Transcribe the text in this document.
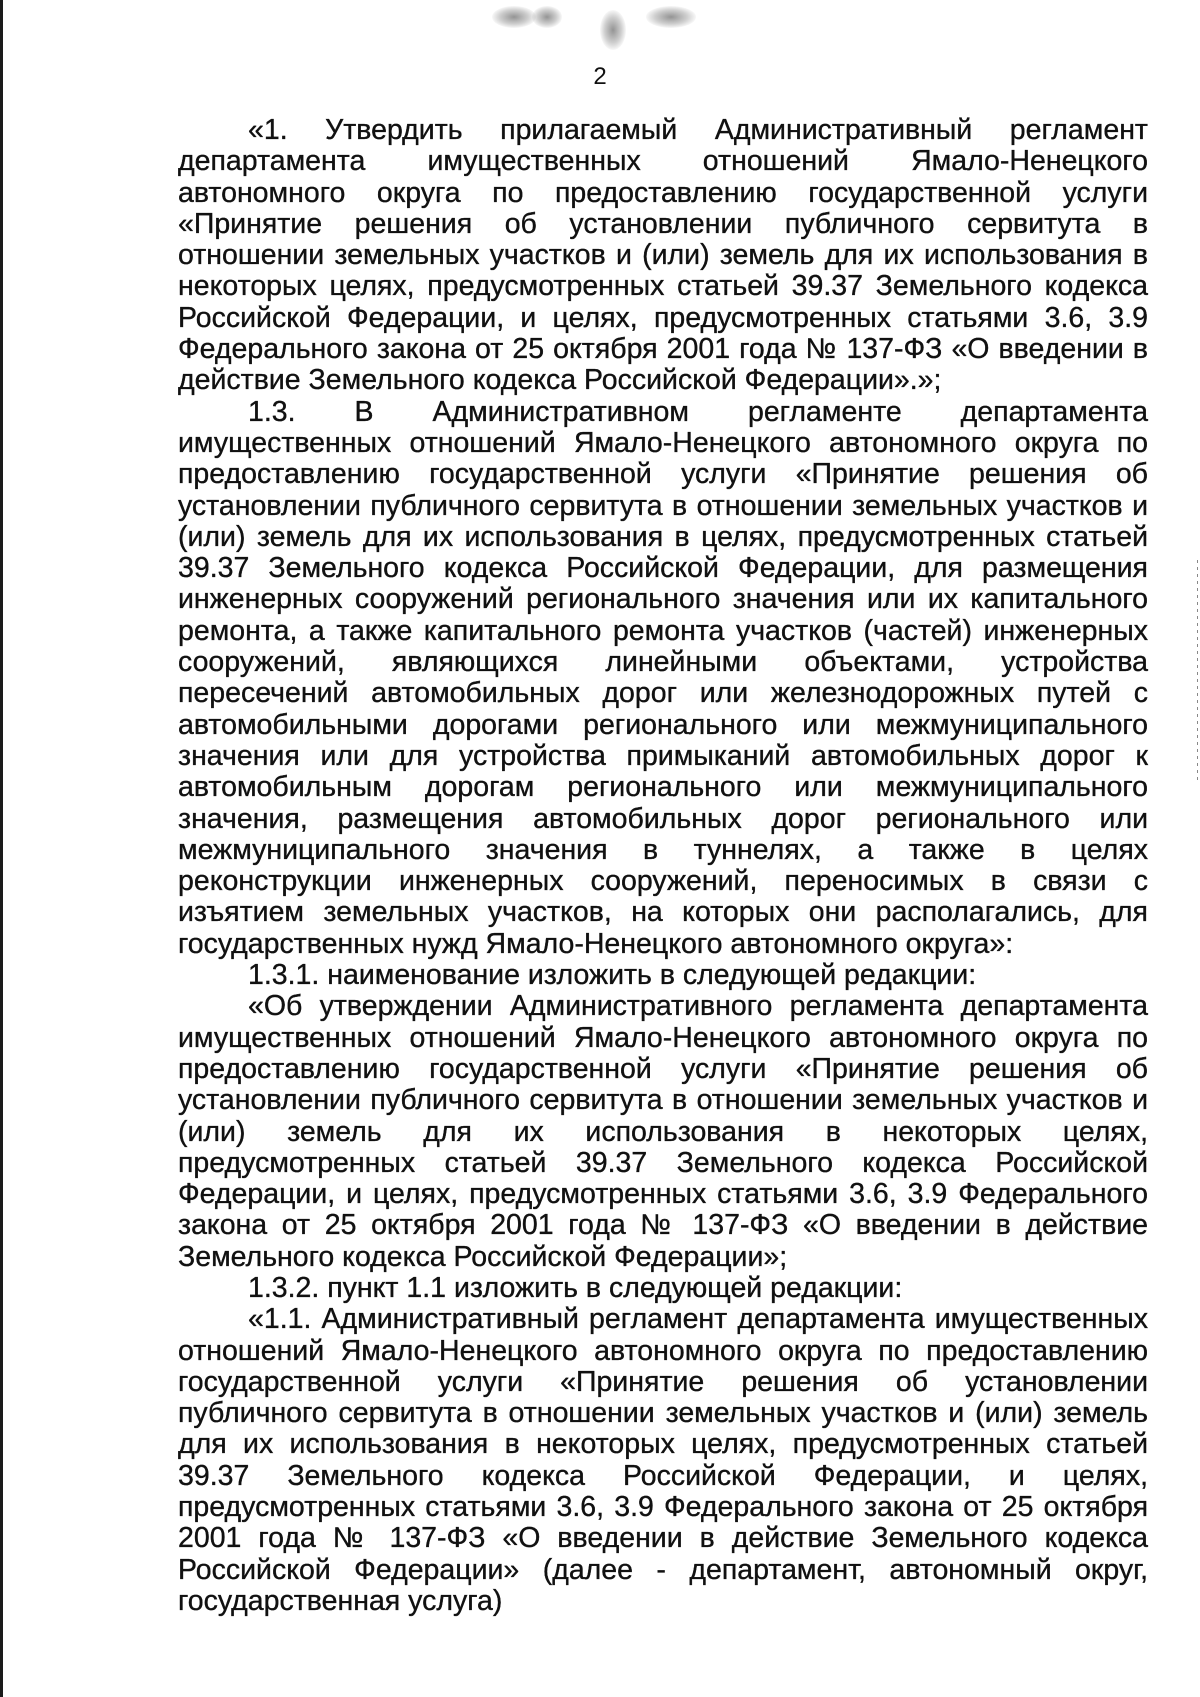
2

«1. Утвердить прилагаемый Административный регламент департамента имущественных отношений Ямало-Ненецкого автономного округа по предоставлению государственной услуги «Принятие решения об установлении публичного сервитута в отношении земельных участков и (или) земель для их использования в некоторых целях, предусмотренных статьей 39.37 Земельного кодекса Российской Федерации, и целях, предусмотренных статьями 3.6, 3.9 Федерального закона от 25 октября 2001 года № 137-ФЗ «О введении в действие Земельного кодекса Российской Федерации».»;

1.3. В Административном регламенте департамента имущественных отношений Ямало-Ненецкого автономного округа по предоставлению государственной услуги «Принятие решения об установлении публичного сервитута в отношении земельных участков и (или) земель для их использования в целях, предусмотренных статьей 39.37 Земельного кодекса Российской Федерации, для размещения инженерных сооружений регионального значения или их капитального ремонта, а также капитального ремонта участков (частей) инженерных сооружений, являющихся линейными объектами, устройства пересечений автомобильных дорог или железнодорожных путей с автомобильными дорогами регионального или межмуниципального значения или для устройства примыканий автомобильных дорог к автомобильным дорогам регионального или межмуниципального значения, размещения автомобильных дорог регионального или межмуниципального значения в туннелях, а также в целях реконструкции инженерных сооружений, переносимых в связи с изъятием земельных участков, на которых они располагались, для государственных нужд Ямало-Ненецкого автономного округа»:

1.3.1. наименование изложить в следующей редакции:

«Об утверждении Административного регламента департамента имущественных отношений Ямало-Ненецкого автономного округа по предоставлению государственной услуги «Принятие решения об установлении публичного сервитута в отношении земельных участков и (или) земель для их использования в некоторых целях, предусмотренных статьей 39.37 Земельного кодекса Российской Федерации, и целях, предусмотренных статьями 3.6, 3.9 Федерального закона от 25 октября 2001 года № 137-ФЗ «О введении в действие Земельного кодекса Российской Федерации»;

1.3.2. пункт 1.1 изложить в следующей редакции:

«1.1. Административный регламент департамента имущественных отношений Ямало-Ненецкого автономного округа по предоставлению государственной услуги «Принятие решения об установлении публичного сервитута в отношении земельных участков и (или) земель для их использования в некоторых целях, предусмотренных статьей 39.37 Земельного кодекса Российской Федерации, и целях, предусмотренных статьями 3.6, 3.9 Федерального закона от 25 октября 2001 года № 137-ФЗ «О введении в действие Земельного кодекса Российской Федерации» (далее - департамент, автономный округ, государственная услуга)
